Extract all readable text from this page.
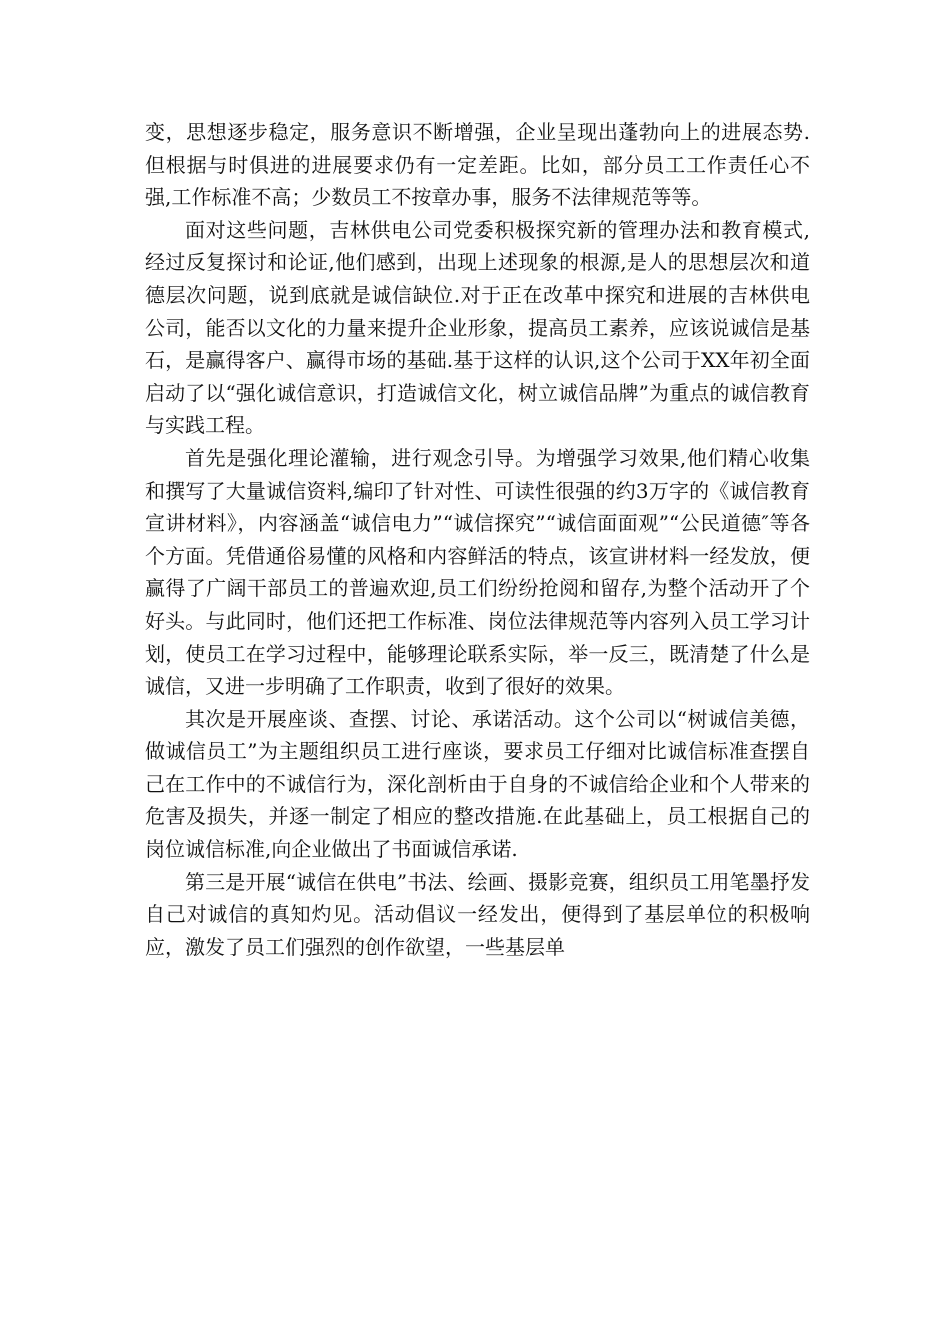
变，思想逐步稳定，服务意识不断增强，企业呈现出蓬勃向上的进展态势.但根据与时俱进的进展要求仍有一定差距。比如，部分员工工作责任心不强,工作标准不高；少数员工不按章办事，服务不法律规范等等。

面对这些问题，吉林供电公司党委积极探究新的管理办法和教育模式,经过反复探讨和论证,他们感到，出现上述现象的根源,是人的思想层次和道德层次问题，说到底就是诚信缺位.对于正在改革中探究和进展的吉林供电公司，能否以文化的力量来提升企业形象，提高员工素养，应该说诚信是基石，是赢得客户、赢得市场的基础.基于这样的认识,这个公司于XX年初全面启动了以“强化诚信意识，打造诚信文化，树立诚信品牌”为重点的诚信教育与实践工程。

首先是强化理论灌输，进行观念引导。为增强学习效果,他们精心收集和撰写了大量诚信资料,编印了针对性、可读性很强的约3万字的《诚信教育宣讲材料》，内容涵盖“诚信电力”“诚信探究”“诚信面面观”“公民道德″等各个方面。凭借通俗易懂的风格和内容鲜活的特点，该宣讲材料一经发放，便赢得了广阔干部员工的普遍欢迎,员工们纷纷抢阅和留存,为整个活动开了个好头。与此同时，他们还把工作标准、岗位法律规范等内容列入员工学习计划，使员工在学习过程中，能够理论联系实际，举一反三，既清楚了什么是诚信，又进一步明确了工作职责，收到了很好的效果。

其次是开展座谈、查摆、讨论、承诺活动。这个公司以“树诚信美德，做诚信员工”为主题组织员工进行座谈，要求员工仔细对比诚信标准查摆自己在工作中的不诚信行为，深化剖析由于自身的不诚信给企业和个人带来的危害及损失，并逐一制定了相应的整改措施.在此基础上，员工根据自己的岗位诚信标准,向企业做出了书面诚信承诺.

第三是开展“诚信在供电”书法、绘画、摄影竞赛，组织员工用笔墨抒发自己对诚信的真知灼见。活动倡议一经发出，便得到了基层单位的积极响应，激发了员工们强烈的创作欲望，一些基层单
